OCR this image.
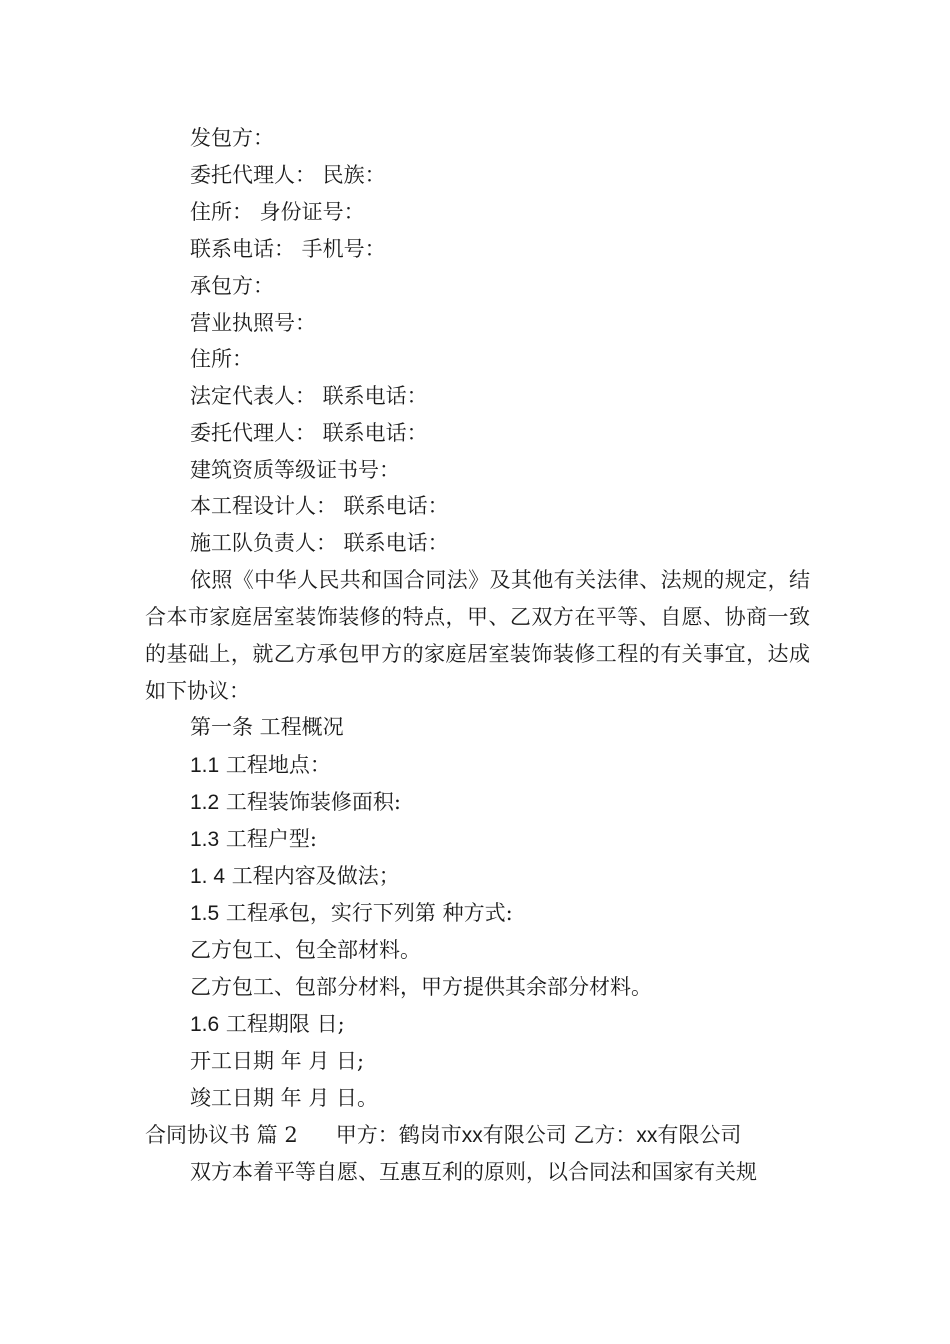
发包方：
委托代理人： 民族：
住所： 身份证号：
联系电话： 手机号：
承包方：
营业执照号：
住所：
法定代表人： 联系电话：
委托代理人： 联系电话：
建筑资质等级证书号：
本工程设计人： 联系电话：
施工队负责人： 联系电话：
依照《中华人民共和国合同法》及其他有关法律、法规的规定，结合本市家庭居室装饰装修的特点，甲、乙双方在平等、自愿、协商一致的基础上，就乙方承包甲方的家庭居室装饰装修工程的有关事宜，达成如下协议：
第一条 工程概况
1.1 工程地点：
1.2 工程装饰装修面积:
1.3 工程户型:
1. 4 工程内容及做法；
1.5 工程承包，实行下列第 种方式:
乙方包工、包全部材料。
乙方包工、包部分材料，甲方提供其余部分材料。
1.6 工程期限 日;
开工日期 年 月 日;
竣工日期 年 月 日。
合同协议书 篇 2 甲方：鹤岗市xx有限公司 乙方：xx有限公司
双方本着平等自愿、互惠互利的原则，以合同法和国家有关规
